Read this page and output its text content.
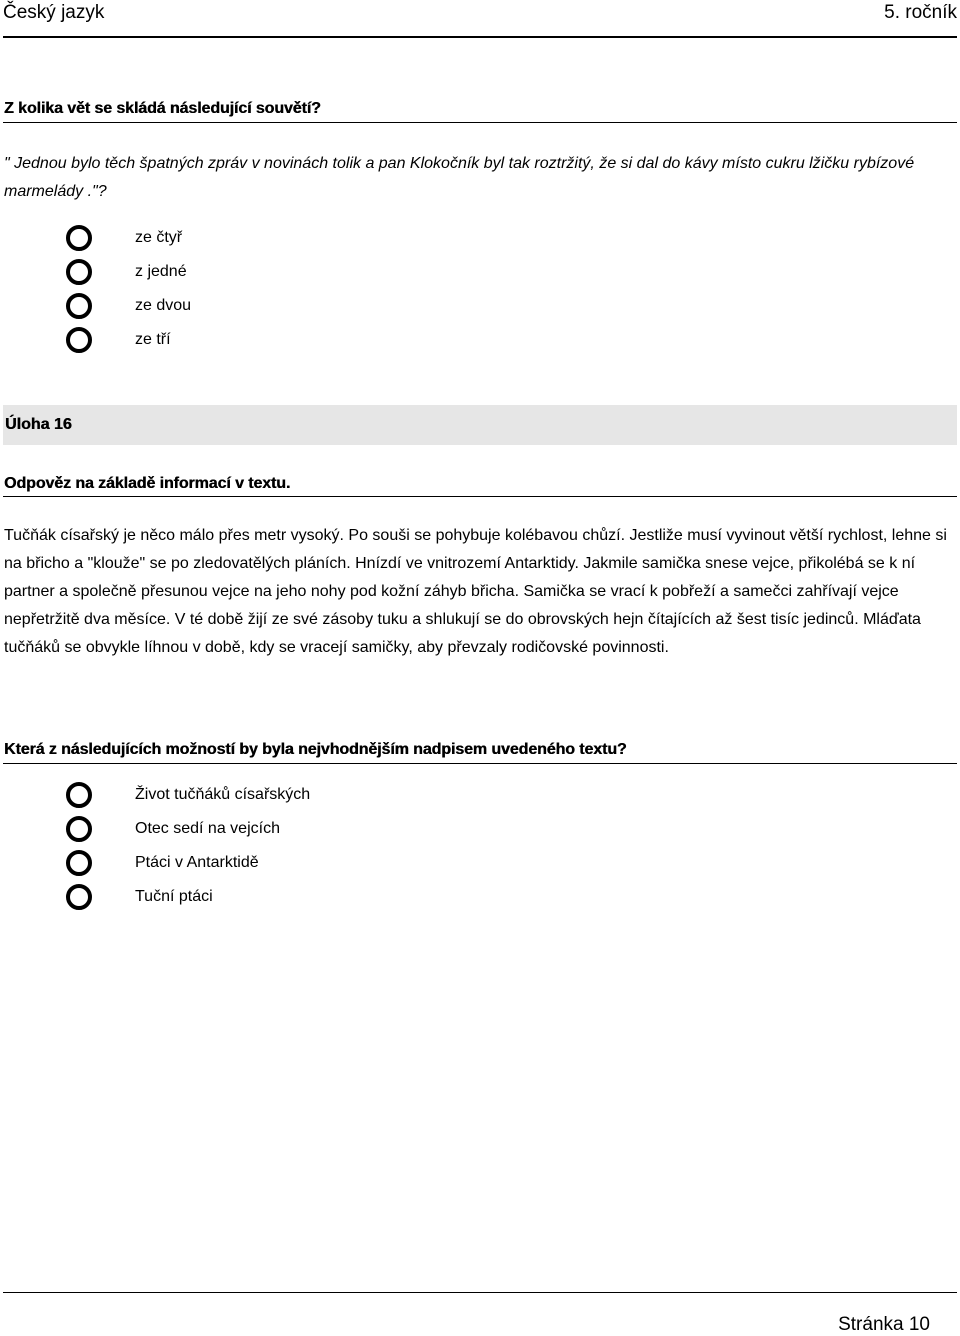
Český jazyk	5. ročník
Z kolika vět se skládá následující souvětí?
" Jednou bylo těch špatných zpráv v novinách tolik a pan Klokočník byl tak roztržitý, že si dal do kávy místo cukru lžičku rybízové marmelády ."?
ze čtyř
z jedné
ze dvou
ze tří
Úloha 16
Odpověz na základě informací v textu.
Tučňák císařský je něco málo přes metr vysoký. Po souši se pohybuje kolébavou chůzí. Jestliže musí vyvinout větší rychlost, lehne si na břicho a "klouže" se po zledovatělých pláních. Hnízdí ve vnitrozemí Antarktidy. Jakmile samička snese vejce, přikolébá se k ní partner a společně přesunou vejce na jeho nohy pod kožní záhyb břicha. Samička se vrací k pobřeží a samečci zahřívají vejce nepřetržitě dva měsíce. V té době žijí ze své zásoby tuku a shlukují se do obrovských hejn čítajících až šest tisíc jedinců. Mláďata tučňáků se obvykle líhnou v době, kdy se vracejí samičky, aby převzaly rodičovské povinnosti.
Která z následujících možností by byla nejvhodnějším nadpisem uvedeného textu?
Život tučňáků císařských
Otec sedí na vejcích
Ptáci v Antarktidě
Tuční ptáci
Stránka 10
